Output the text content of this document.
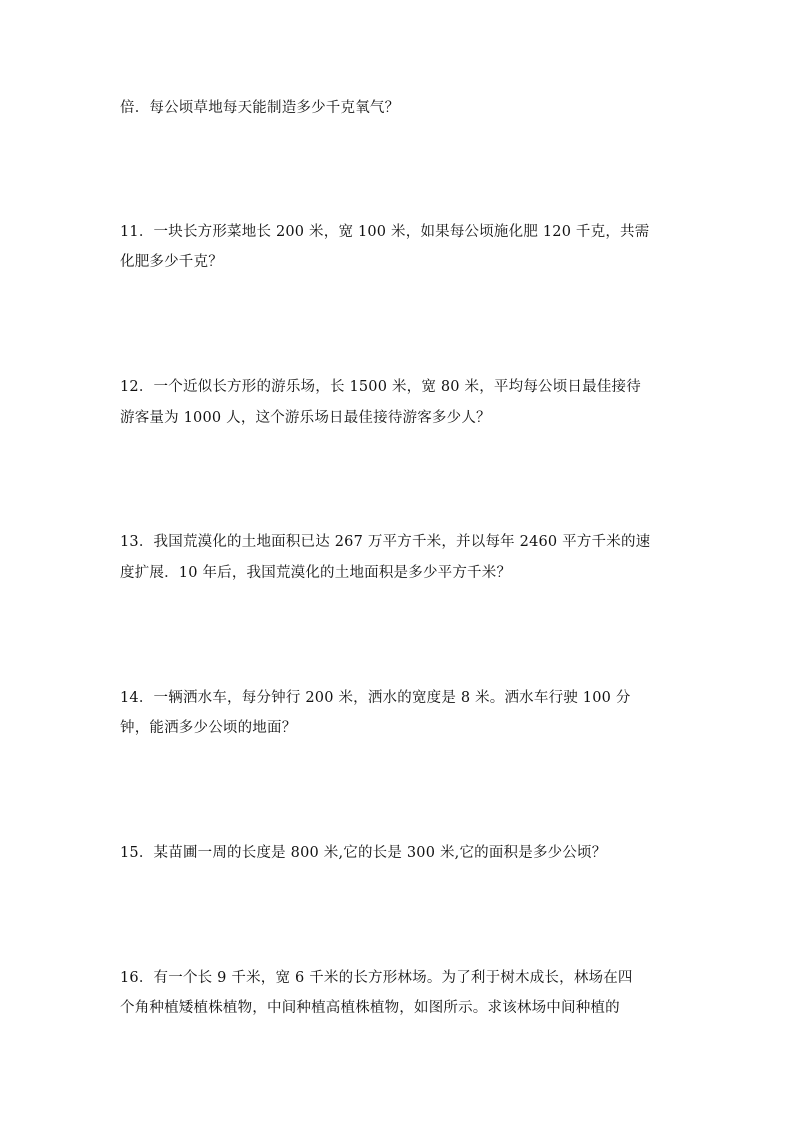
倍．每公顷草地每天能制造多少千克氧气？
11．一块长方形菜地长 200 米，宽 100 米，如果每公顷施化肥 120 千克，共需
化肥多少千克？
12．一个近似长方形的游乐场，长 1500 米，宽 80 米，平均每公顷日最佳接待
游客量为 1000 人，这个游乐场日最佳接待游客多少人？
13．我国荒漠化的土地面积已达 267 万平方千米，并以每年 2460 平方千米的速
度扩展．10 年后，我国荒漠化的土地面积是多少平方千米？
14．一辆洒水车，每分钟行 200 米，洒水的宽度是 8 米。洒水车行驶 100 分
钟，能洒多少公顷的地面？
15．某苗圃一周的长度是 800 米,它的长是 300 米,它的面积是多少公顷？
16．有一个长 9 千米，宽 6 千米的长方形林场。为了利于树木成长，林场在四
个角种植矮植株植物，中间种植高植株植物，如图所示。求该林场中间种植的
